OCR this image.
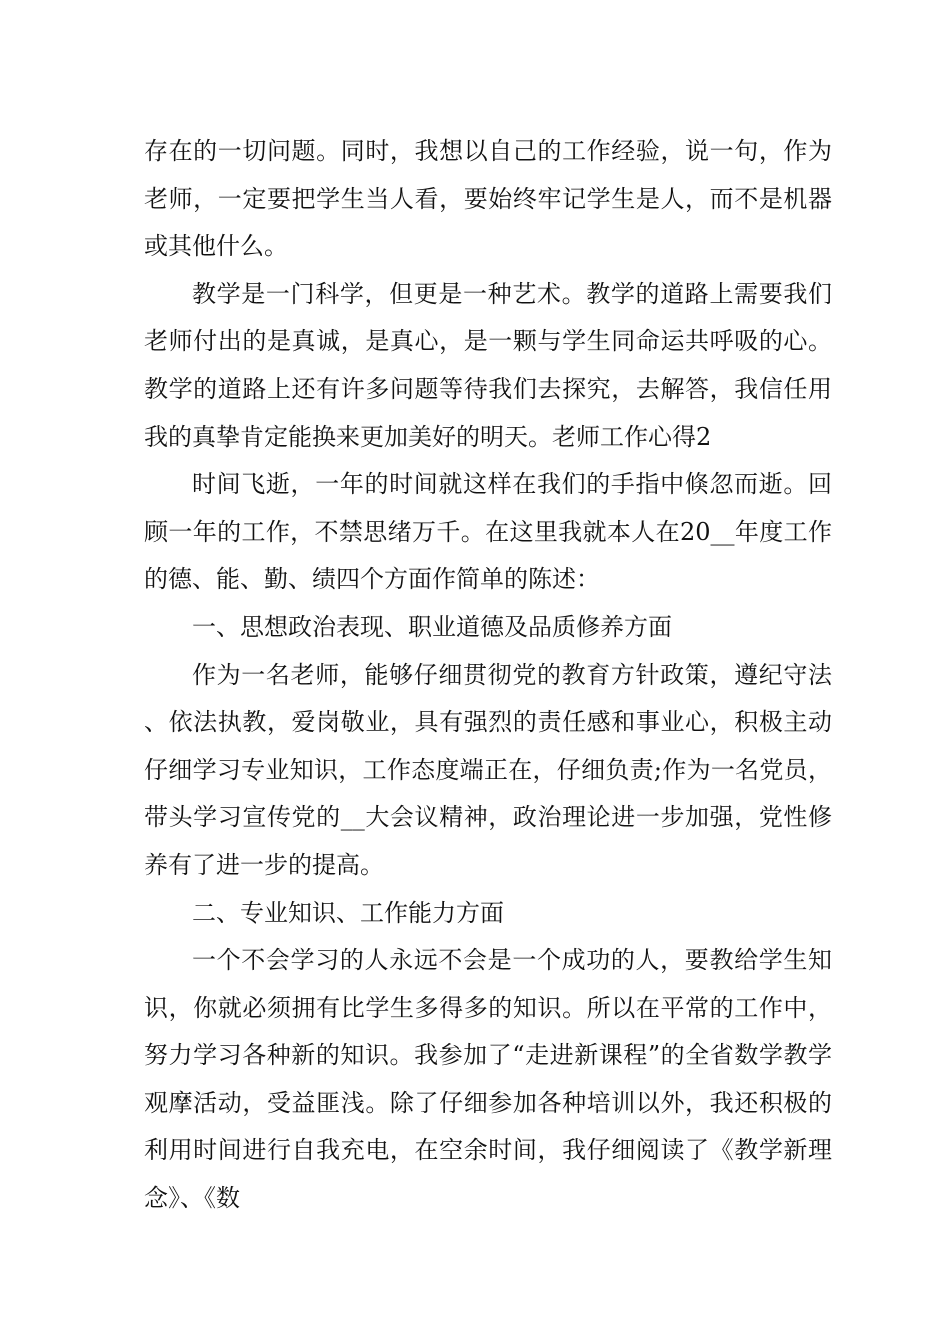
存在的一切问题。同时，我想以自己的工作经验，说一句，作为老师，一定要把学生当人看，要始终牢记学生是人，而不是机器或其他什么。

教学是一门科学，但更是一种艺术。教学的道路上需要我们老师付出的是真诚，是真心，是一颗与学生同命运共呼吸的心。教学的道路上还有许多问题等待我们去探究，去解答，我信任用我的真挚肯定能换来更加美好的明天。老师工作心得2

时间飞逝，一年的时间就这样在我们的手指中倏忽而逝。回顾一年的工作，不禁思绪万千。在这里我就本人在20__年度工作的德、能、勤、绩四个方面作简单的陈述：

一、思想政治表现、职业道德及品质修养方面

作为一名老师，能够仔细贯彻党的教育方针政策，遵纪守法、依法执教，爱岗敬业，具有强烈的责任感和事业心，积极主动仔细学习专业知识，工作态度端正在，仔细负责;作为一名党员，带头学习宣传党的__大会议精神，政治理论进一步加强，党性修养有了进一步的提高。

二、专业知识、工作能力方面

一个不会学习的人永远不会是一个成功的人，要教给学生知识，你就必须拥有比学生多得多的知识。所以在平常的工作中，努力学习各种新的知识。我参加了“走进新课程”的全省数学教学观摩活动，受益匪浅。除了仔细参加各种培训以外，我还积极的利用时间进行自我充电，在空余时间，我仔细阅读了《教学新理念》、《数
